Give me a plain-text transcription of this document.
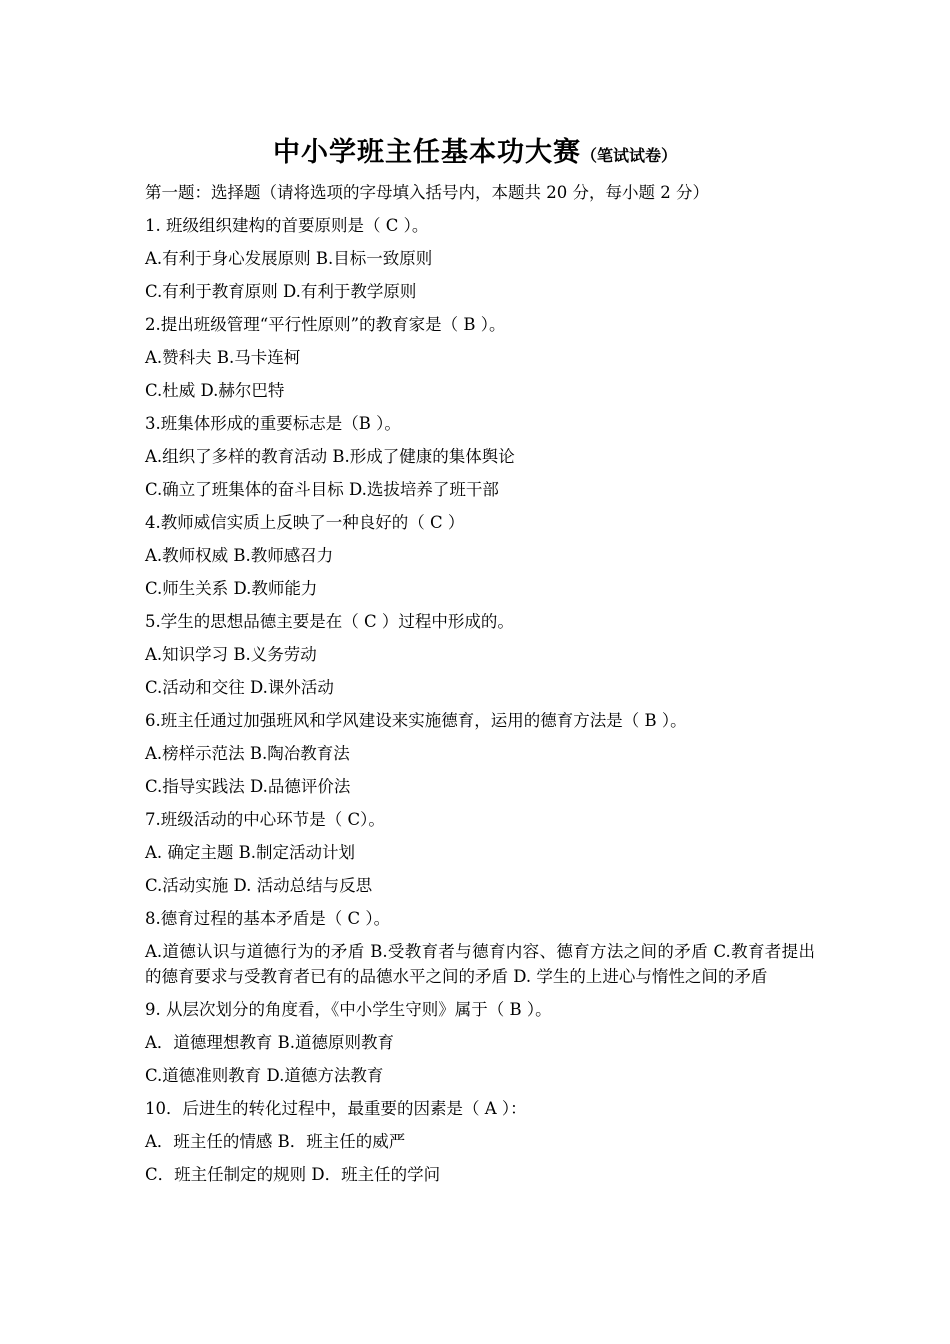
中小学班主任基本功大赛（笔试试卷）
第一题：选择题（请将选项的字母填入括号内，本题共 20 分，每小题 2 分）
1. 班级组织建构的首要原则是（ C ）。
A.有利于身心发展原则 B.目标一致原则
C.有利于教育原则 D.有利于教学原则
2.提出班级管理“平行性原则”的教育家是（ B ）。
A.赞科夫 B.马卡连柯
C.杜威 D.赫尔巴特
3.班集体形成的重要标志是（B ）。
A.组织了多样的教育活动 B.形成了健康的集体舆论
C.确立了班集体的奋斗目标 D.选拔培养了班干部
4.教师威信实质上反映了一种良好的（ C ）
A.教师权威 B.教师感召力
C.师生关系 D.教师能力
5.学生的思想品德主要是在（ C ）过程中形成的。
A.知识学习 B.义务劳动
C.活动和交往 D.课外活动
6.班主任通过加强班风和学风建设来实施德育，运用的德育方法是（ B ）。
A.榜样示范法 B.陶冶教育法
C.指导实践法 D.品德评价法
7.班级活动的中心环节是（ C）。
A. 确定主题 B.制定活动计划
C.活动实施 D. 活动总结与反思
8.德育过程的基本矛盾是（ C ）。
A.道德认识与道德行为的矛盾 B.受教育者与德育内容、德育方法之间的矛盾 C.教育者提出的德育要求与受教育者已有的品德水平之间的矛盾 D. 学生的上进心与惰性之间的矛盾
9. 从层次划分的角度看，《中小学生守则》属于（ B ）。
A．道德理想教育 B.道德原则教育
C.道德准则教育 D.道德方法教育
10．后进生的转化过程中，最重要的因素是（ A ）：
A．班主任的情感 B．班主任的威严
C．班主任制定的规则 D．班主任的学问
